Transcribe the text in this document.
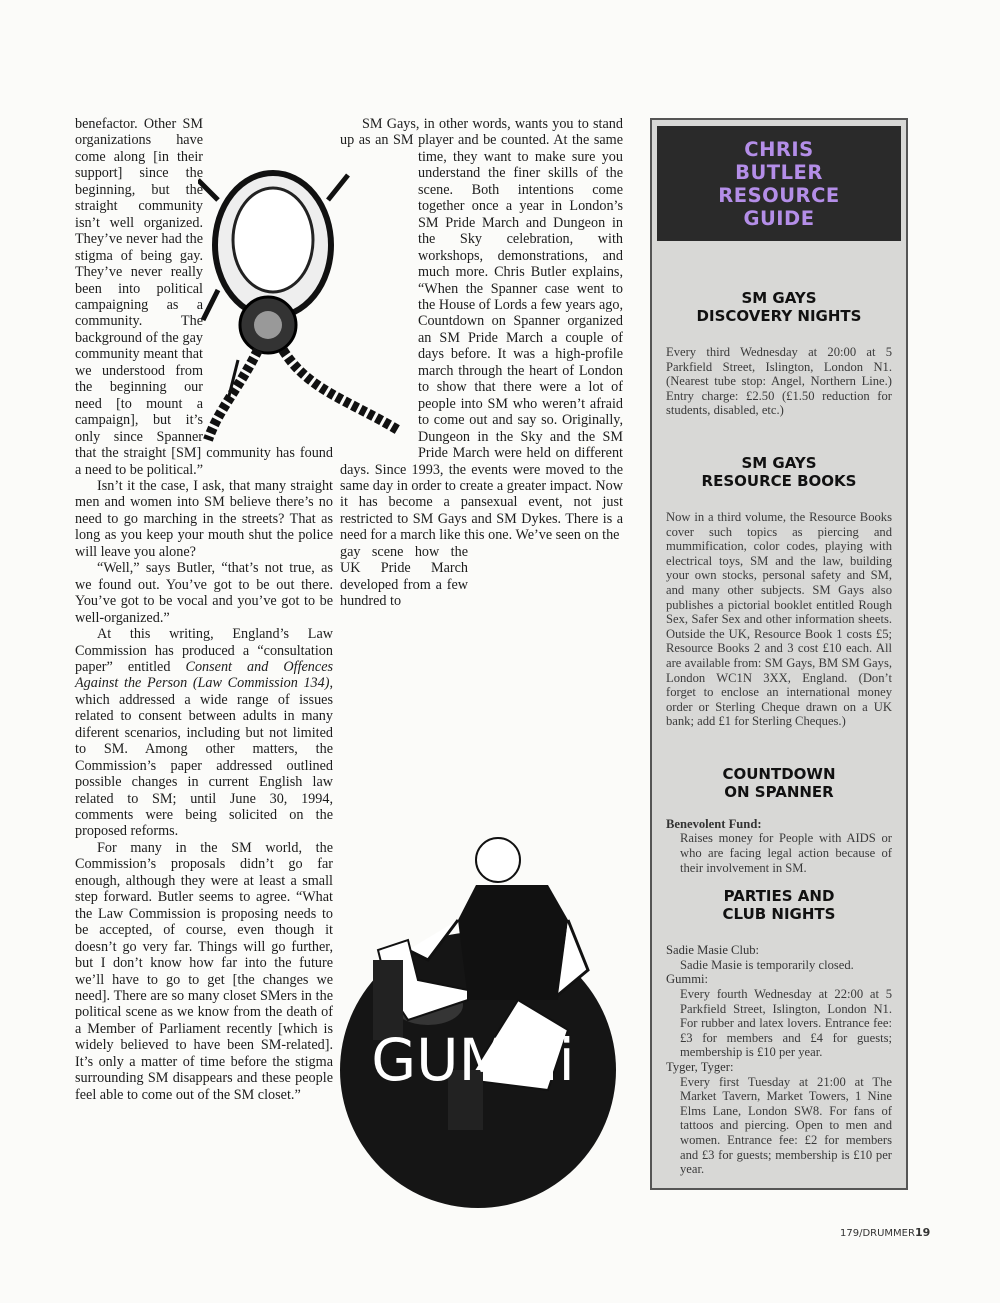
benefactor. Other SM organizations have come along [in their support] since the beginning, but the straight community isn’t well organized. They’ve never had the stigma of being gay. They’ve never really been into political campaigning as a community. The background of the gay community meant that we understood from the beginning our need [to mount a campaign], but it’s only since Spanner that the straight [SM] community has found a need to be political.”

Isn’t it the case, I ask, that many straight men and women into SM believe there’s no need to go marching in the streets? That as long as you keep your mouth shut the police will leave you alone?

“Well,” says Butler, “that’s not true, as we found out. You’ve got to be out there. You’ve got to be vocal and you’ve got to be well-organized.”

At this writing, England’s Law Commission has produced a “consultation paper” entitled Consent and Offences Against the Person (Law Commission 134), which addressed a wide range of issues related to consent between adults in many diferent scenarios, including but not limited to SM. Among other matters, the Commission’s paper addressed outlined possible changes in current English law related to SM; until June 30, 1994, comments were being solicited on the proposed reforms.

For many in the SM world, the Commission’s proposals didn’t go far enough, although they were at least a small step forward. Butler seems to agree. “What the Law Commission is proposing needs to be accepted, of course, even though it doesn’t go very far. Things will go further, but I don’t know how far into the future we’ll have to go to get [the changes we need]. There are so many closet SMers in the political scene as we know from the death of a Member of Parliament recently [which is widely believed to have been SM-related]. It’s only a matter of time before the stigma surrounding SM disappears and these people feel able to come out of the SM closet.”

SM Gays, in other words, wants you to stand up as an SM player and be counted. At the same time, they want to make sure you understand the finer skills of the scene. Both intentions come together once a year in London’s SM Pride March and Dungeon in the Sky celebration, with workshops, demonstrations, and much more. Chris Butler explains, “When the Spanner case went to the House of Lords a few years ago, Countdown on Spanner organized an SM Pride March a couple of days before. It was a high-profile march through the heart of London to show that there were a lot of people into SM who weren’t afraid to come out and say so. Originally, Dungeon in the Sky and the SM Pride March were held on different days. Since 1993, the events were moved to the same day in order to create a greater impact. Now it has become a pansexual event, not just restricted to SM Gays and SM Dykes. There is a need for a march like this one. We’ve seen on the

gay scene how the UK Pride March developed from a few hundred to

GUMMi
CHRIS
BUTLER
RESOURCE
GUIDE

SM GAYS
DISCOVERY NIGHTS

Every third Wednesday at 20:00 at 5 Parkfield Street, Islington, London N1. (Nearest tube stop: Angel, Northern Line.) Entry charge: £2.50 (£1.50 reduction for students, disabled, etc.)

SM GAYS
RESOURCE BOOKS

Now in a third volume, the Resource Books cover such topics as piercing and mummification, color codes, playing with electrical toys, SM and the law, building your own stocks, personal safety and SM, and many other subjects. SM Gays also publishes a pictorial booklet entitled Rough Sex, Safer Sex and other information sheets. Outside the UK, Resource Book 1 costs £5; Resource Books 2 and 3 cost £10 each. All are available from: SM Gays, BM SM Gays, London WC1N 3XX, England. (Don’t forget to enclose an international money order or Sterling Cheque drawn on a UK bank; add £1 for Sterling Cheques.)

COUNTDOWN
ON SPANNER

Benevolent Fund:

Raises money for People with AIDS or who are facing legal action because of their involvement in SM.

PARTIES AND
CLUB NIGHTS

Sadie Masie Club:

Sadie Masie is temporarily closed.

Gummi:

Every fourth Wednesday at 22:00 at 5 Parkfield Street, Islington, London N1. For rubber and latex lovers. Entrance fee: £3 for members and £4 for guests; membership is £10 per year.

Tyger, Tyger:

Every first Tuesday at 21:00 at The Market Tavern, Market Towers, 1 Nine Elms Lane, London SW8. For fans of tattoos and piercing. Open to men and women. Entrance fee: £2 for members and £3 for guests; membership is £10 per year.

179/DRUMMER19
